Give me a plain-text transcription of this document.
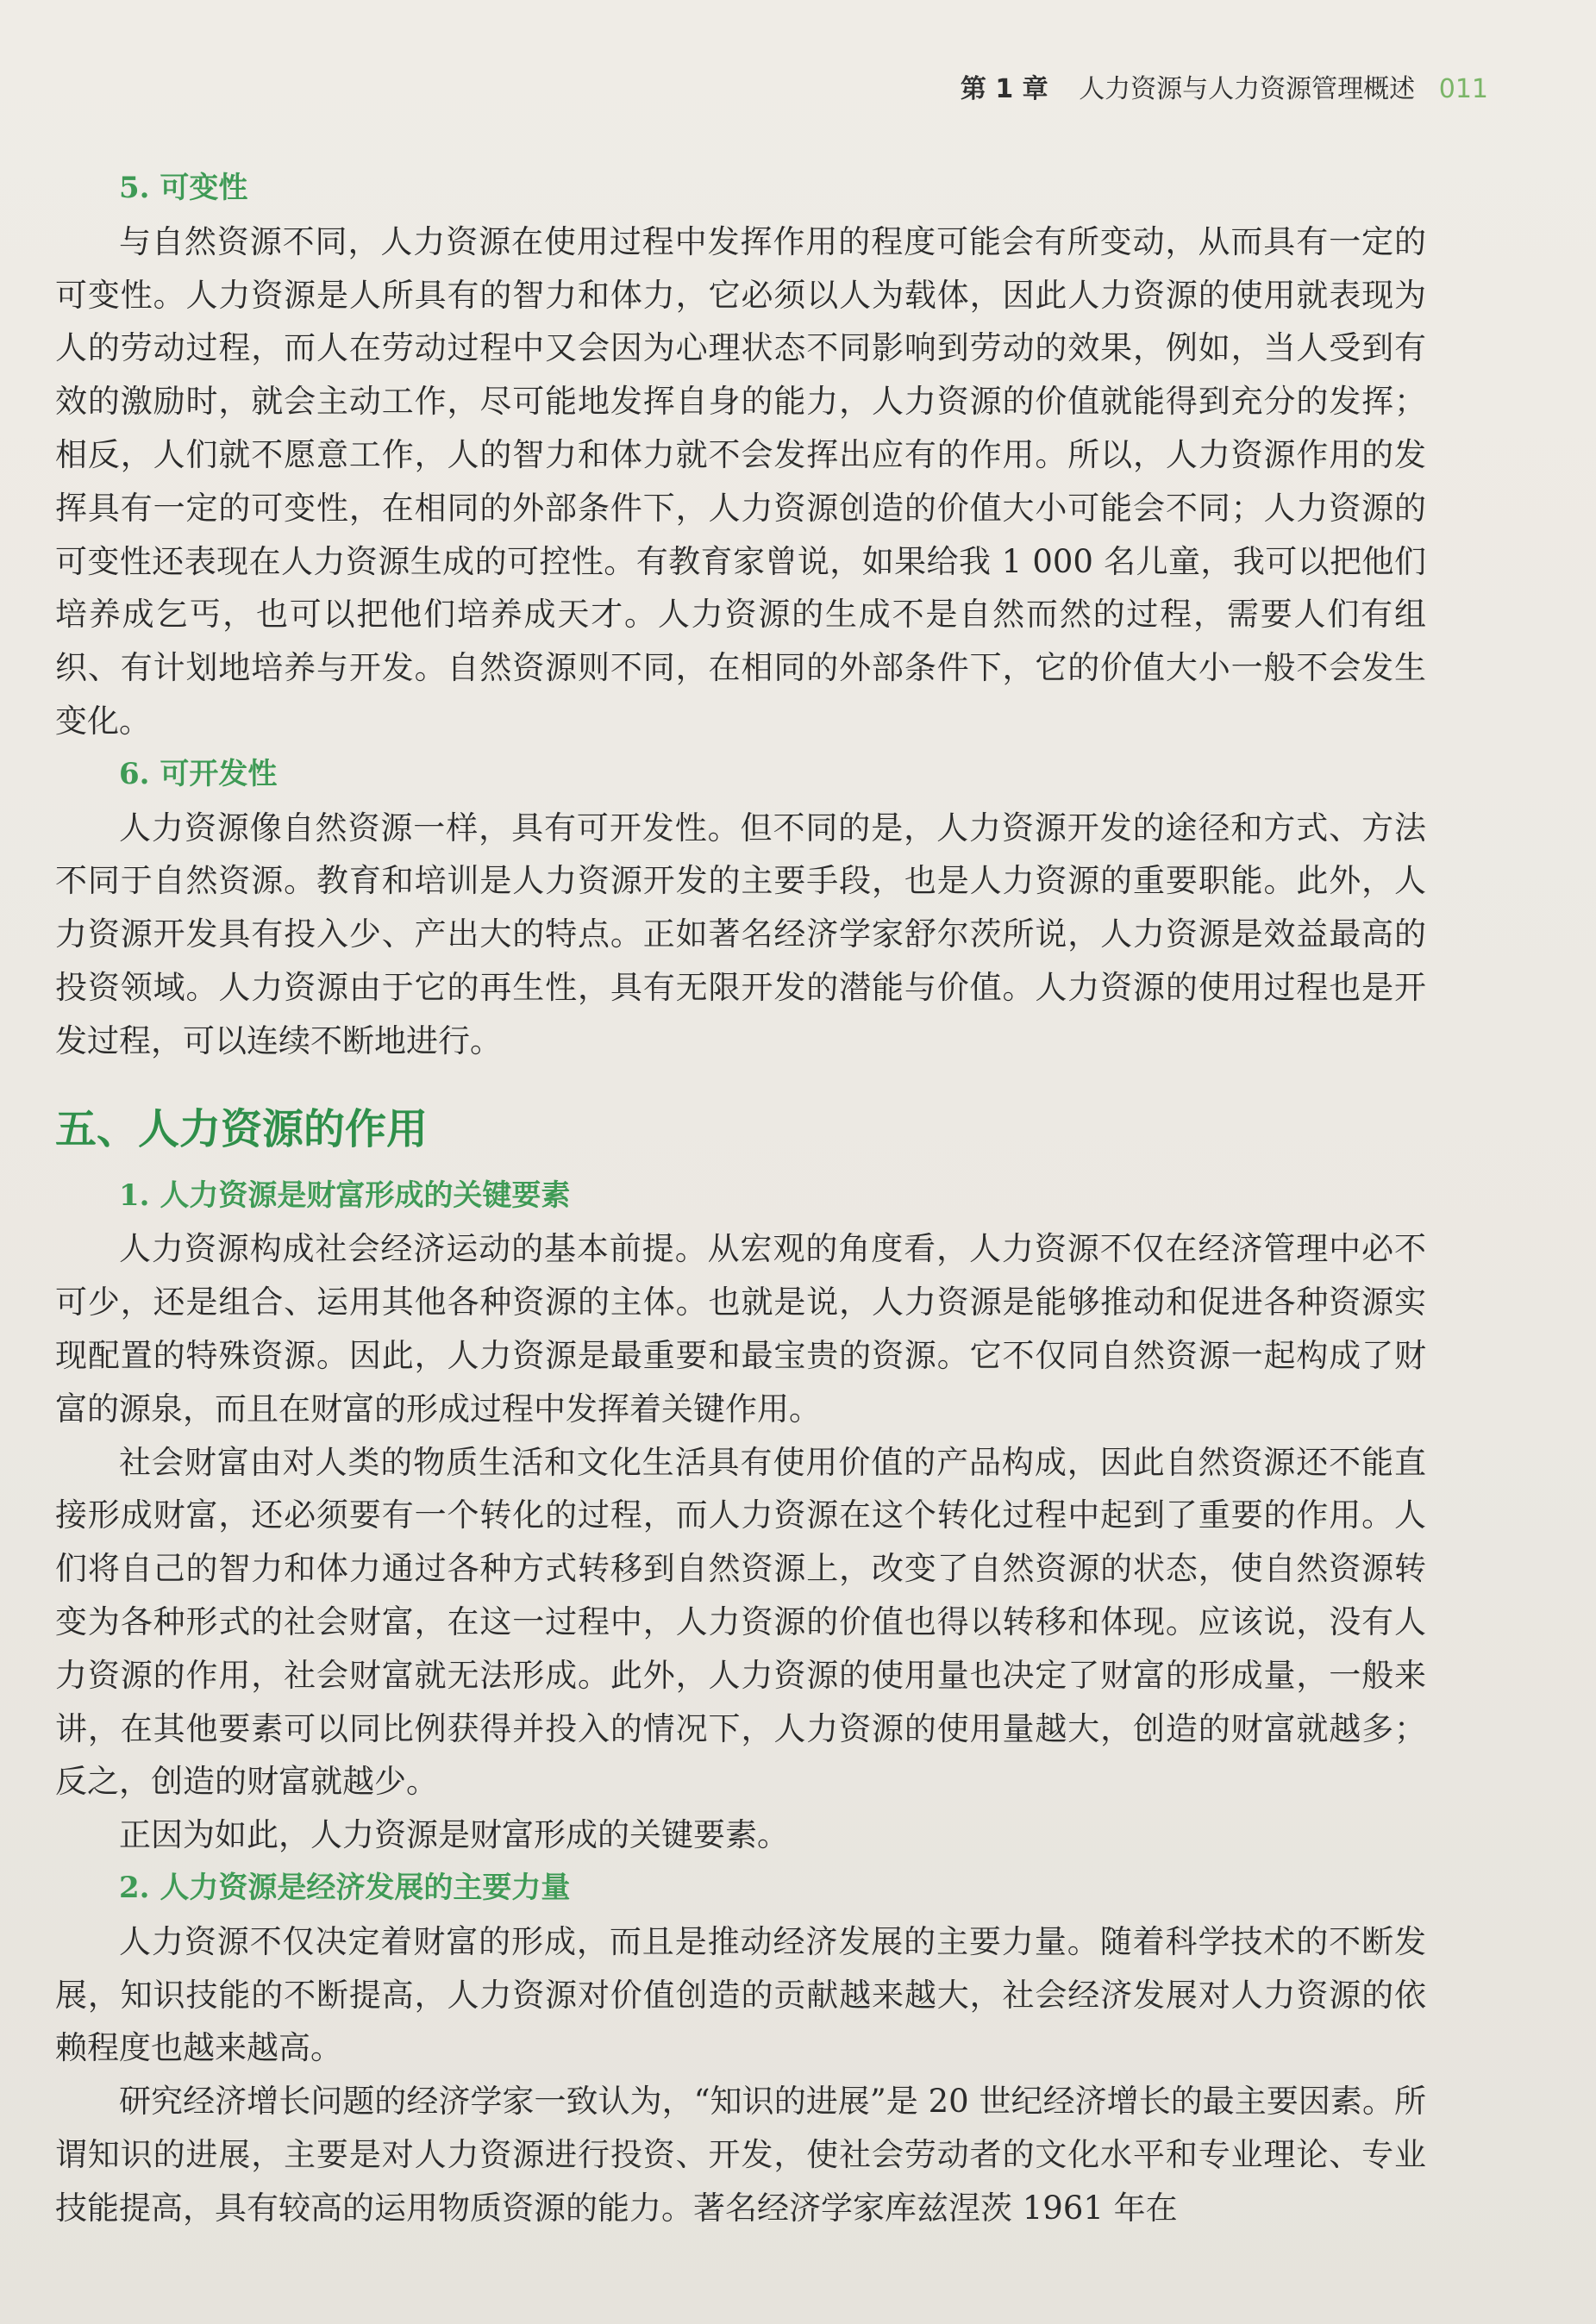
第 1 章 人力资源与人力资源管理概述 011

5. 可变性

与自然资源不同，人力资源在使用过程中发挥作用的程度可能会有所变动，从而具有一定的可变性。人力资源是人所具有的智力和体力，它必须以人为载体，因此人力资源的使用就表现为人的劳动过程，而人在劳动过程中又会因为心理状态不同影响到劳动的效果，例如，当人受到有效的激励时，就会主动工作，尽可能地发挥自身的能力，人力资源的价值就能得到充分的发挥；相反，人们就不愿意工作，人的智力和体力就不会发挥出应有的作用。所以，人力资源作用的发挥具有一定的可变性，在相同的外部条件下，人力资源创造的价值大小可能会不同；人力资源的可变性还表现在人力资源生成的可控性。有教育家曾说，如果给我 1 000 名儿童，我可以把他们培养成乞丐，也可以把他们培养成天才。人力资源的生成不是自然而然的过程，需要人们有组织、有计划地培养与开发。自然资源则不同，在相同的外部条件下，它的价值大小一般不会发生变化。

6. 可开发性

人力资源像自然资源一样，具有可开发性。但不同的是，人力资源开发的途径和方式、方法不同于自然资源。教育和培训是人力资源开发的主要手段，也是人力资源的重要职能。此外，人力资源开发具有投入少、产出大的特点。正如著名经济学家舒尔茨所说，人力资源是效益最高的投资领域。人力资源由于它的再生性，具有无限开发的潜能与价值。人力资源的使用过程也是开发过程，可以连续不断地进行。

五、人力资源的作用

1. 人力资源是财富形成的关键要素

人力资源构成社会经济运动的基本前提。从宏观的角度看，人力资源不仅在经济管理中必不可少，还是组合、运用其他各种资源的主体。也就是说，人力资源是能够推动和促进各种资源实现配置的特殊资源。因此，人力资源是最重要和最宝贵的资源。它不仅同自然资源一起构成了财富的源泉，而且在财富的形成过程中发挥着关键作用。

社会财富由对人类的物质生活和文化生活具有使用价值的产品构成，因此自然资源还不能直接形成财富，还必须要有一个转化的过程，而人力资源在这个转化过程中起到了重要的作用。人们将自己的智力和体力通过各种方式转移到自然资源上，改变了自然资源的状态，使自然资源转变为各种形式的社会财富，在这一过程中，人力资源的价值也得以转移和体现。应该说，没有人力资源的作用，社会财富就无法形成。此外，人力资源的使用量也决定了财富的形成量，一般来讲，在其他要素可以同比例获得并投入的情况下，人力资源的使用量越大，创造的财富就越多；反之，创造的财富就越少。

正因为如此，人力资源是财富形成的关键要素。

2. 人力资源是经济发展的主要力量

人力资源不仅决定着财富的形成，而且是推动经济发展的主要力量。随着科学技术的不断发展，知识技能的不断提高，人力资源对价值创造的贡献越来越大，社会经济发展对人力资源的依赖程度也越来越高。

研究经济增长问题的经济学家一致认为，“知识的进展”是 20 世纪经济增长的最主要因素。所谓知识的进展，主要是对人力资源进行投资、开发，使社会劳动者的文化水平和专业理论、专业技能提高，具有较高的运用物质资源的能力。著名经济学家库兹涅茨 1961 年在
